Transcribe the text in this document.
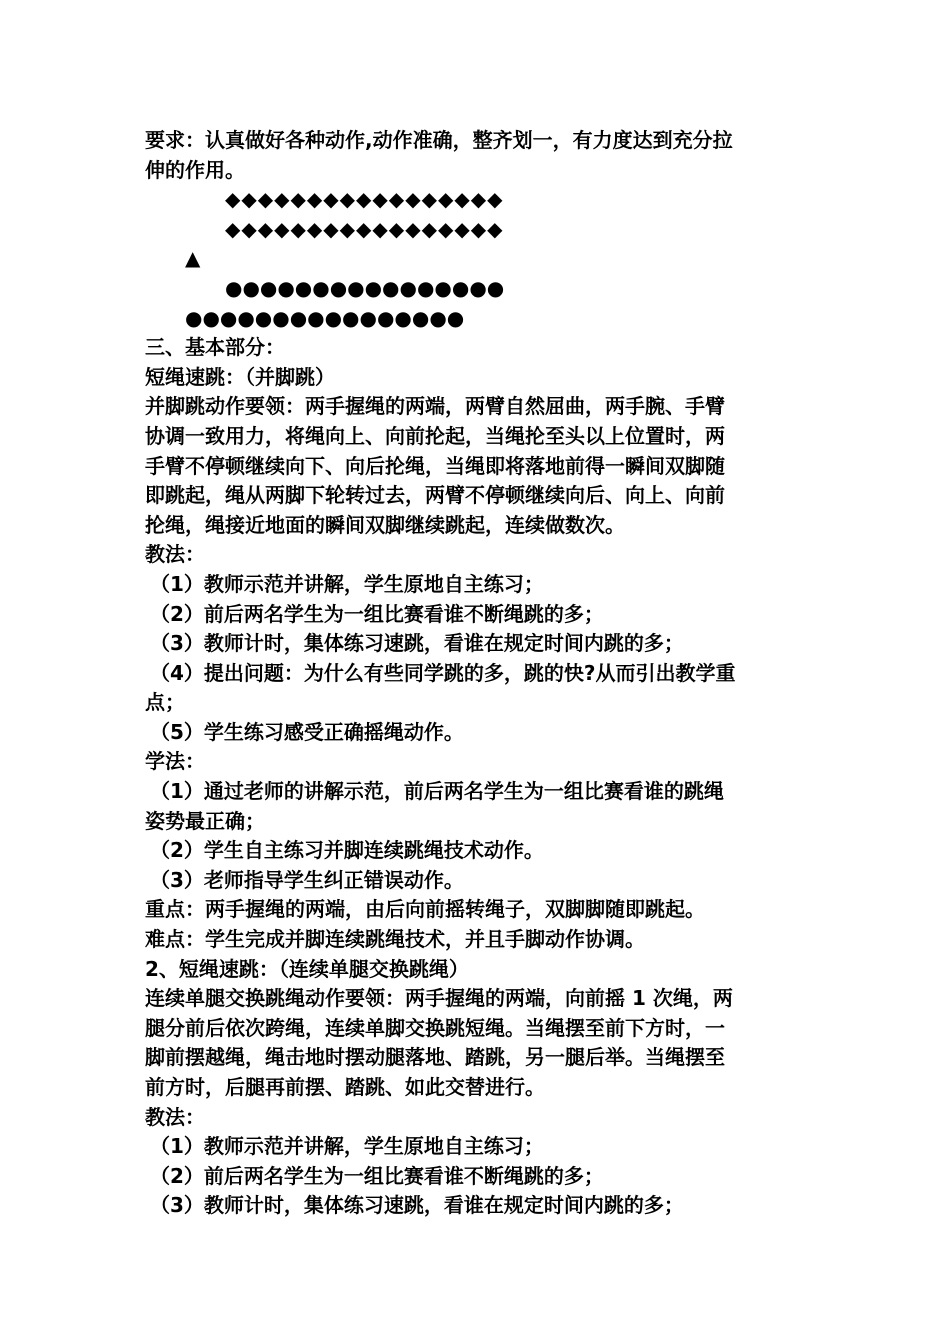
要求：认真做好各种动作,动作准确，整齐划一，有力度达到充分拉
伸的作用。
◆◆◆◆◆◆◆◆◆◆◆◆◆◆◆◆◆
◆◆◆◆◆◆◆◆◆◆◆◆◆◆◆◆◆
▲
●●●●●●●●●●●●●●●●
●●●●●●●●●●●●●●●●
三、基本部分：
短绳速跳：（并脚跳）
并脚跳动作要领：两手握绳的两端，两臂自然屈曲，两手腕、手臂
协调一致用力，将绳向上、向前抡起，当绳抡至头以上位置时，两
手臂不停顿继续向下、向后抡绳，当绳即将落地前得一瞬间双脚随
即跳起，绳从两脚下轮转过去，两臂不停顿继续向后、向上、向前
抡绳，绳接近地面的瞬间双脚继续跳起，连续做数次。
教法：
（1）教师示范并讲解，学生原地自主练习；
（2）前后两名学生为一组比赛看谁不断绳跳的多；
（3）教师计时，集体练习速跳，看谁在规定时间内跳的多；
（4）提出问题：为什么有些同学跳的多，跳的快?从而引出教学重
点；
（5）学生练习感受正确摇绳动作。
学法：
（1）通过老师的讲解示范，前后两名学生为一组比赛看谁的跳绳
姿势最正确；
（2）学生自主练习并脚连续跳绳技术动作。
（3）老师指导学生纠正错误动作。
重点：两手握绳的两端，由后向前摇转绳子，双脚脚随即跳起。
难点：学生完成并脚连续跳绳技术，并且手脚动作协调。
2、短绳速跳：（连续单腿交换跳绳）
连续单腿交换跳绳动作要领：两手握绳的两端，向前摇 1 次绳，两
腿分前后依次跨绳，连续单脚交换跳短绳。当绳摆至前下方时，一
脚前摆越绳，绳击地时摆动腿落地、踏跳，另一腿后举。当绳摆至
前方时，后腿再前摆、踏跳、如此交替进行。
教法：
（1）教师示范并讲解，学生原地自主练习；
（2）前后两名学生为一组比赛看谁不断绳跳的多；
（3）教师计时，集体练习速跳，看谁在规定时间内跳的多；
